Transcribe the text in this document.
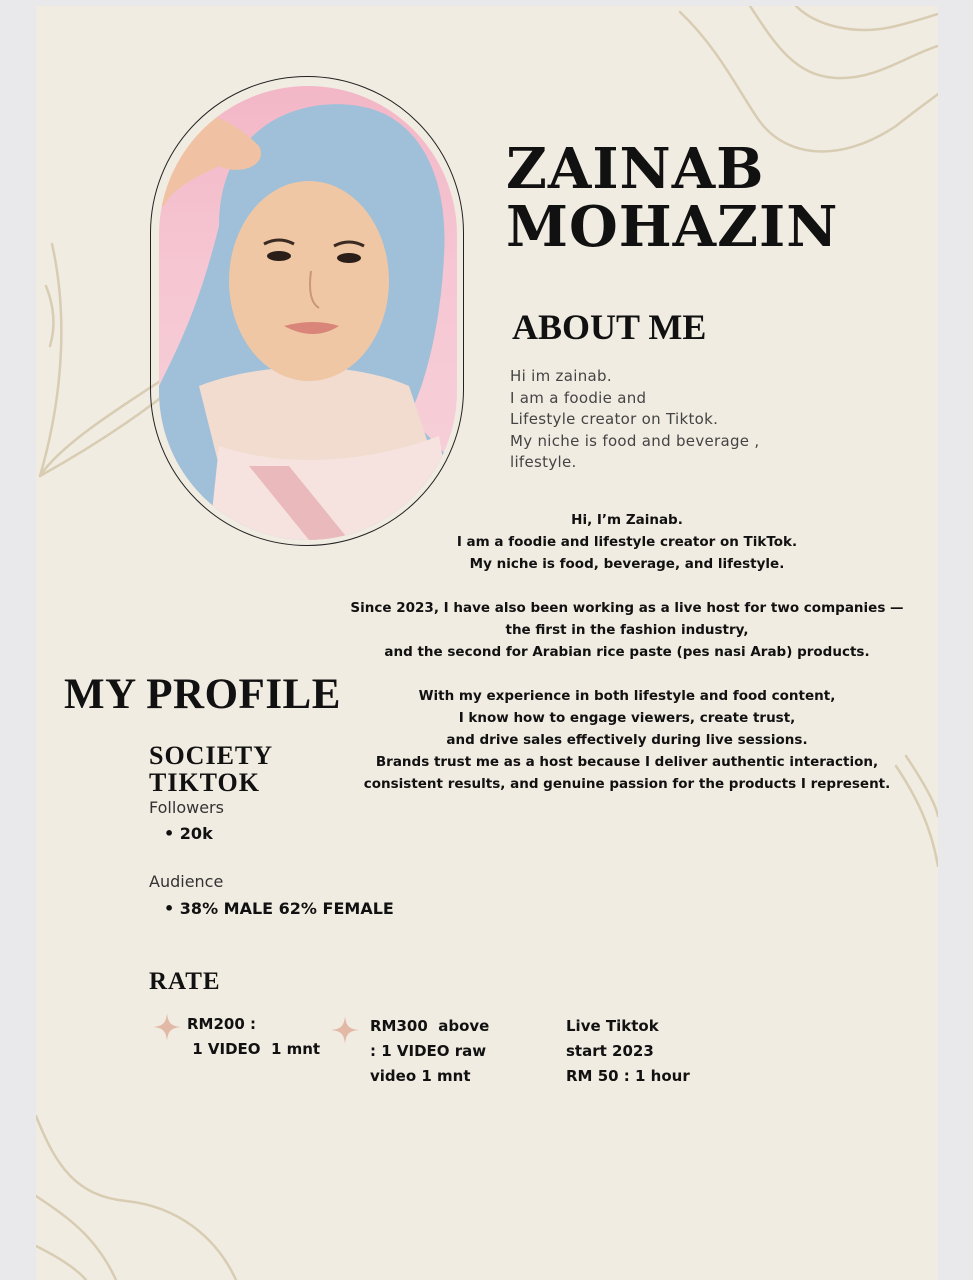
ZAINAB
MOHAZIN
ABOUT ME
Hi im zainab.
I am a foodie and
Lifestyle creator on Tiktok.
My niche is food and beverage ,
lifestyle.
Hi, I’m Zainab.
I am a foodie and lifestyle creator on TikTok.
My niche is food, beverage, and lifestyle.
Since 2023, I have also been working as a live host for two companies —
the first in the fashion industry,
and the second for Arabian rice paste (pes nasi Arab) products.
With my experience in both lifestyle and food content,
I know how to engage viewers, create trust,
and drive sales effectively during live sessions.
Brands trust me as a host because I deliver authentic interaction,
consistent results, and genuine passion for the products I represent.
MY PROFILE
SOCIETY
TIKTOK
Followers
• 20k
Audience
• 38% MALE 62% FEMALE
RATE
RM200 :
1 VIDEO  1 mnt
RM300  above
: 1 VIDEO raw
video 1 mnt
Live Tiktok
start 2023
RM 50 : 1 hour
